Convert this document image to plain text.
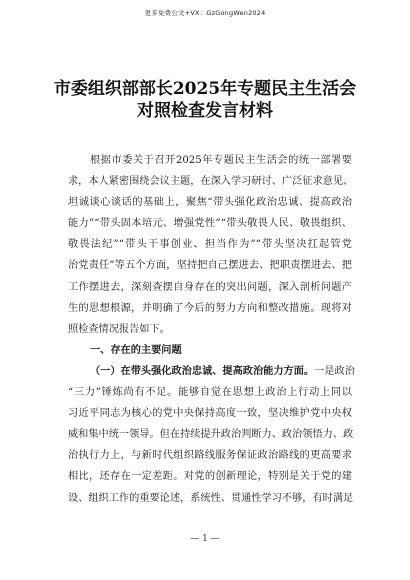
更多免费公文+VX：GzGongWen2024
市委组织部部长2025年专题民主生活会
对照检查发言材料
根据市委关于召开2025年专题民主生活会的统一部署要
求，本人紧密围绕会议主题，在深入学习研讨、广泛征求意见、
坦诚谈心谈话的基础上，聚焦“带头强化政治忠诚、提高政治
能力”“带头固本培元、增强党性”“带头敬畏人民、敬畏组织、
敬畏法纪”“带头干事创业、担当作为”“带头坚决扛起管党
治党责任”等五个方面，坚持把自己摆进去、把职责摆进去、把
工作摆进去，深刻查摆自身存在的突出问题，深入剖析问题产
生的思想根源，并明确了今后的努力方向和整改措施。现将对
照检查情况报告如下。
一、存在的主要问题
（一）在带头强化政治忠诚、提高政治能力方面。一是政治
“三力”锤炼尚有不足。能够自觉在思想上政治上行动上同以
习近平同志为核心的党中央保持高度一致，坚决维护党中央权
威和集中统一领导。但在持续提升政治判断力、政治领悟力、政
治执行力上，与新时代组织路线服务保证政治路线的更高要求
相比，还存在一定差距。对党的创新理论，特别是关于党的建
设、组织工作的重要论述，系统性、贯通性学习不够，有时满足
— 1 —
